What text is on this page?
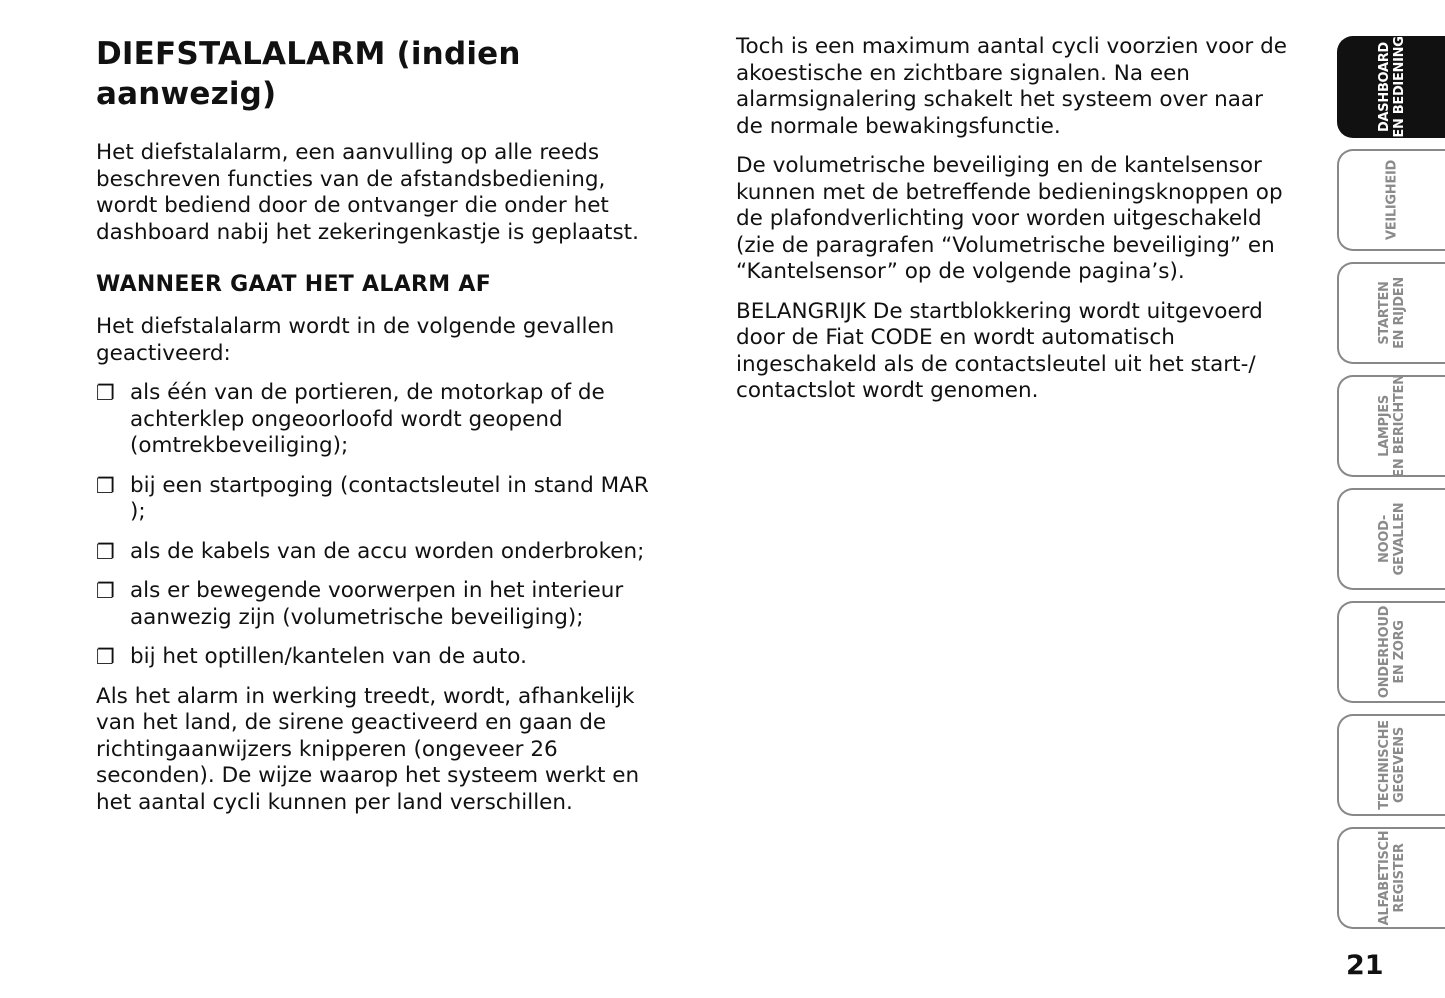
DIEFSTALALARM (indien
aanwezig)

Het diefstalalarm, een aanvulling op alle reeds beschreven functies van de afstandsbediening, wordt bediend door de ontvanger die onder het dashboard nabij het zekeringenkastje is geplaatst.

WANNEER GAAT HET ALARM AF

Het diefstalalarm wordt in de volgende gevallen geactiveerd:

❐ als één van de portieren, de motorkap of de achterklep ongeoorloofd wordt geopend (omtrekbeveiliging);
❐ bij een startpoging (contactsleutel in stand MAR );
❐ als de kabels van de accu worden onderbroken;
❐ als er bewegende voorwerpen in het interieur aanwezig zijn (volumetrische beveiliging);
❐ bij het optillen/kantelen van de auto.

Als het alarm in werking treedt, wordt, afhankelijk van het land, de sirene geactiveerd en gaan de richtingaanwijzers knipperen (ongeveer 26 seconden). De wijze waarop het systeem werkt en het aantal cycli kunnen per land verschillen.

Toch is een maximum aantal cycli voorzien voor de akoestische en zichtbare signalen. Na een alarmsignalering schakelt het systeem over naar de normale bewakingsfunctie.

De volumetrische beveiliging en de kantelsensor kunnen met de betreffende bedieningsknoppen op de plafondverlichting voor worden uitgeschakeld (zie de paragrafen “Volumetrische beveiliging” en “Kantelsensor” op de volgende pagina’s).

BELANGRIJK De startblokkering wordt uitgevoerd door de Fiat CODE en wordt automatisch ingeschakeld als de contactsleutel uit het start-/ contactslot wordt genomen.

DASHBOARD EN BEDIENING
VEILIGHEID
STARTEN EN RIJDEN
LAMPJES EN BERICHTEN
NOOD- GEVALLEN
ONDERHOUD EN ZORG
TECHNISCHE GEGEVENS
ALFABETISCH REGISTER
21
